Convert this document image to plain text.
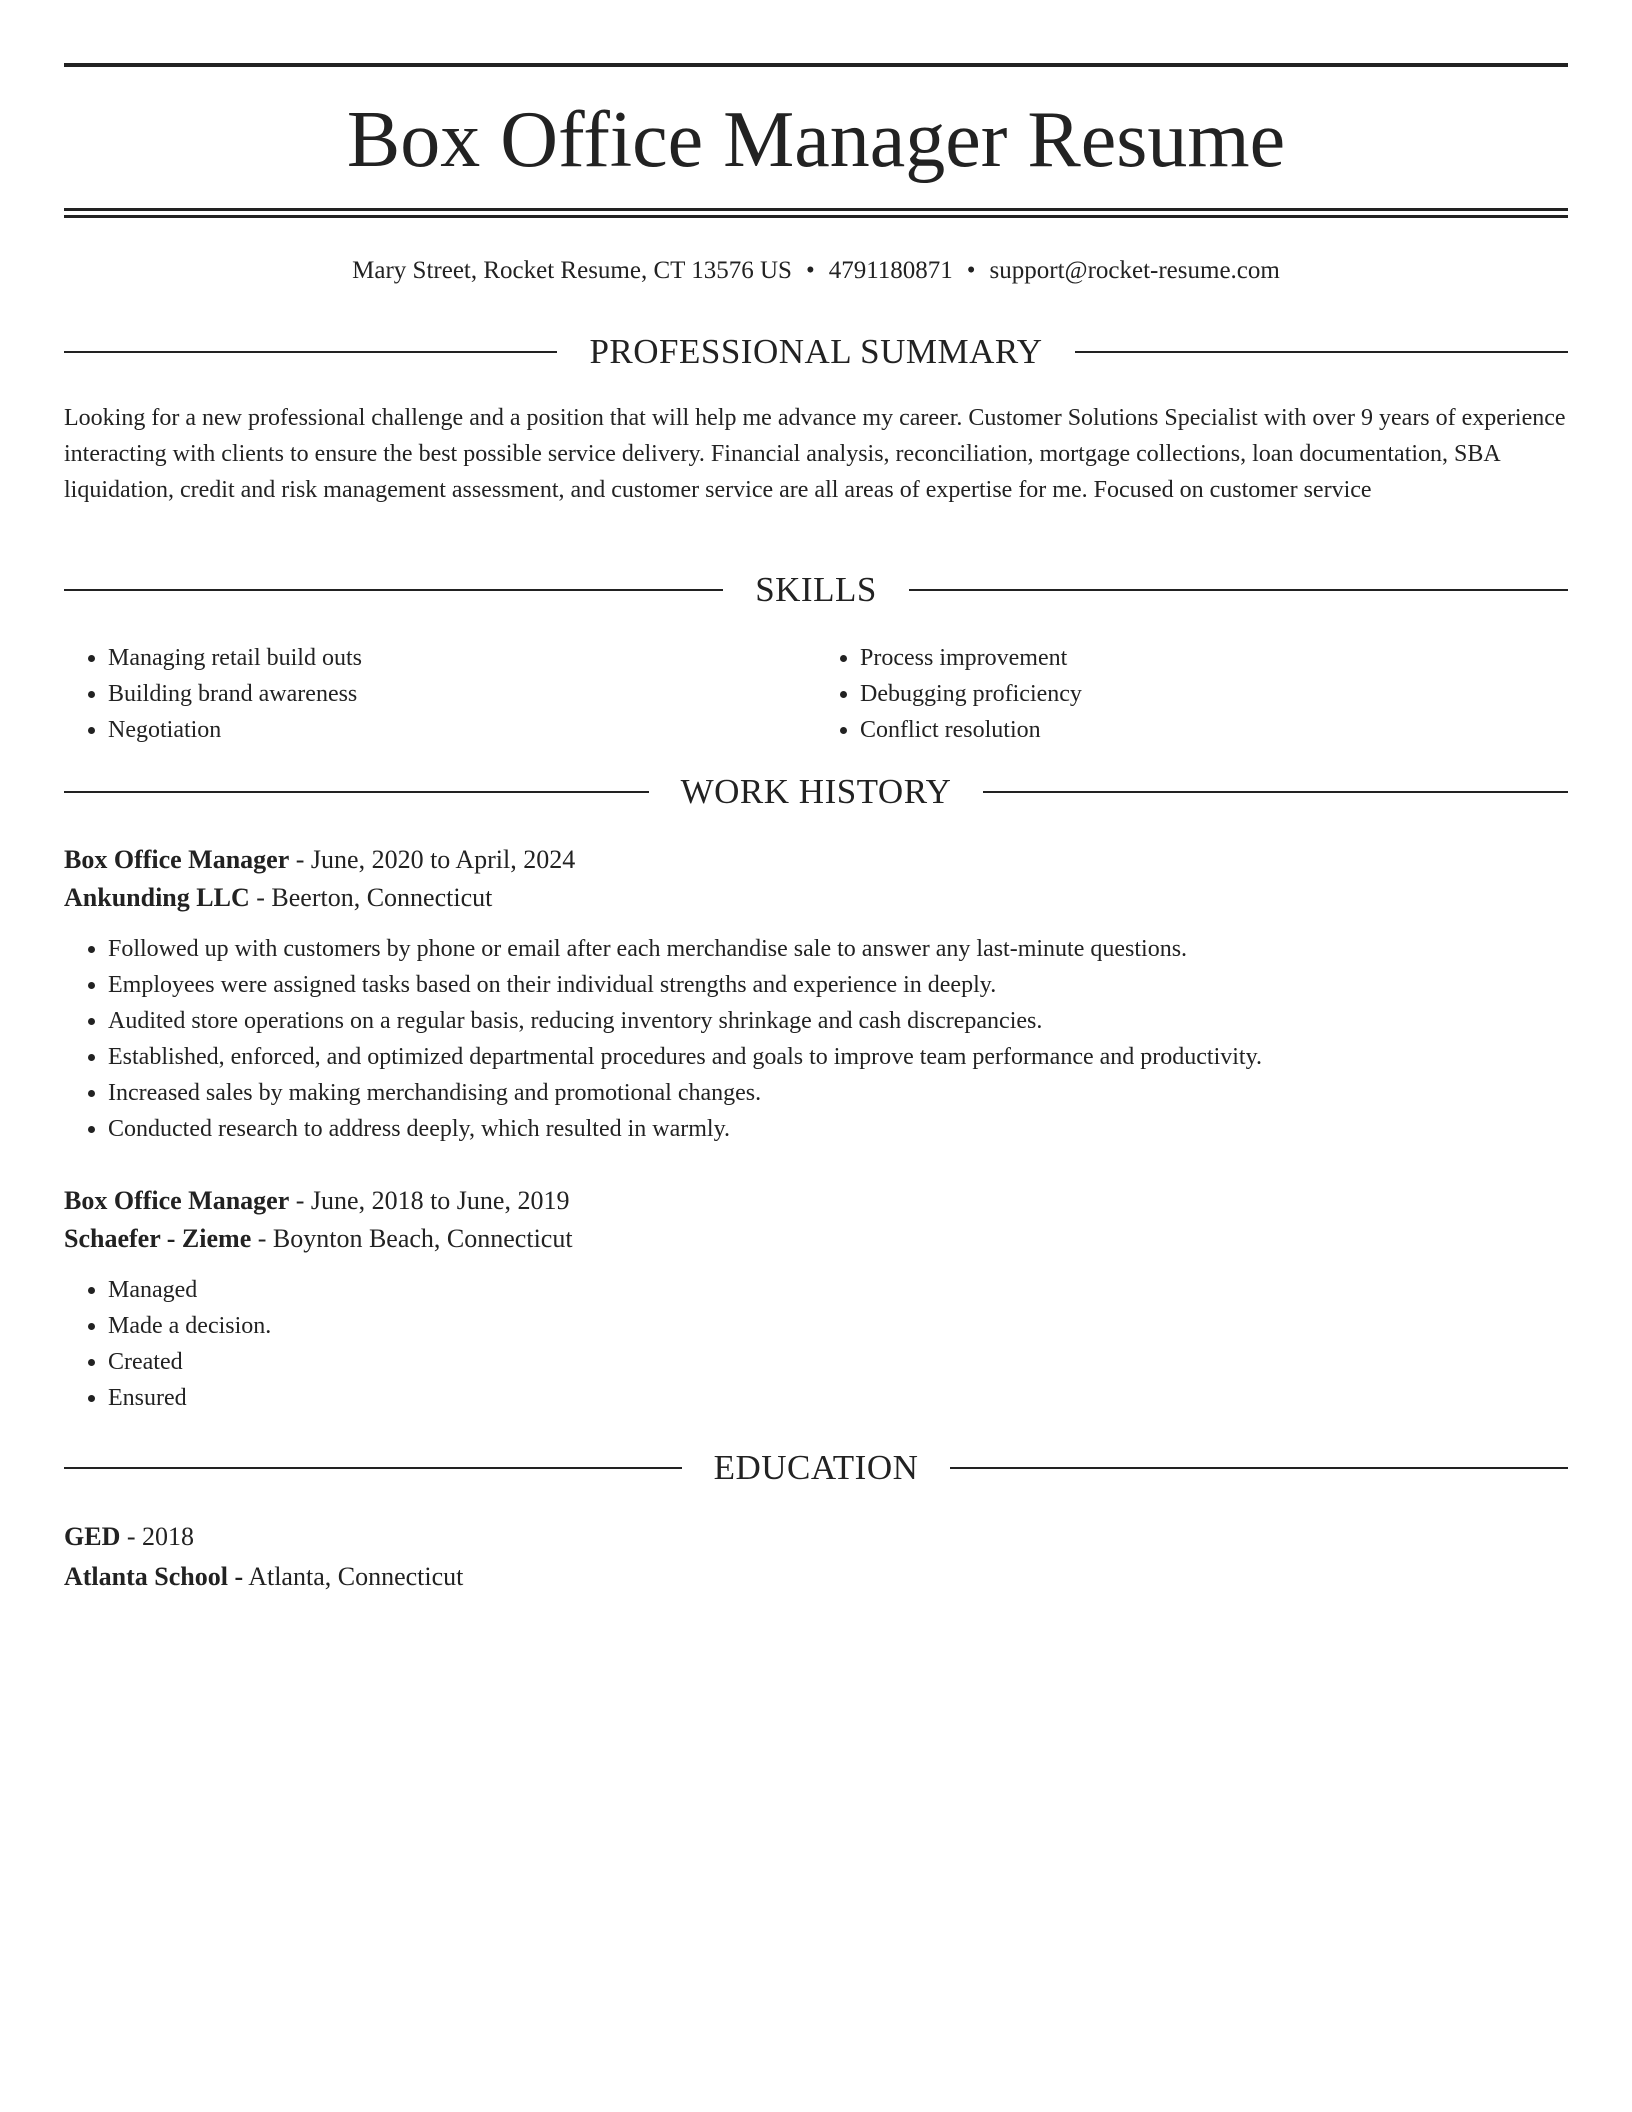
Box Office Manager Resume
Mary Street, Rocket Resume, CT 13576 US • 4791180871 • support@rocket-resume.com
PROFESSIONAL SUMMARY
Looking for a new professional challenge and a position that will help me advance my career. Customer Solutions Specialist with over 9 years of experience interacting with clients to ensure the best possible service delivery. Financial analysis, reconciliation, mortgage collections, loan documentation, SBA liquidation, credit and risk management assessment, and customer service are all areas of expertise for me. Focused on customer service
SKILLS
• Managing retail build outs
• Building brand awareness
• Negotiation
• Process improvement
• Debugging proficiency
• Conflict resolution
WORK HISTORY
Box Office Manager - June, 2020 to April, 2024
Ankunding LLC - Beerton, Connecticut
• Followed up with customers by phone or email after each merchandise sale to answer any last-minute questions.
• Employees were assigned tasks based on their individual strengths and experience in deeply.
• Audited store operations on a regular basis, reducing inventory shrinkage and cash discrepancies.
• Established, enforced, and optimized departmental procedures and goals to improve team performance and productivity.
• Increased sales by making merchandising and promotional changes.
• Conducted research to address deeply, which resulted in warmly.
Box Office Manager - June, 2018 to June, 2019
Schaefer - Zieme - Boynton Beach, Connecticut
• Managed
• Made a decision.
• Created
• Ensured
EDUCATION
GED - 2018
Atlanta School - Atlanta, Connecticut
